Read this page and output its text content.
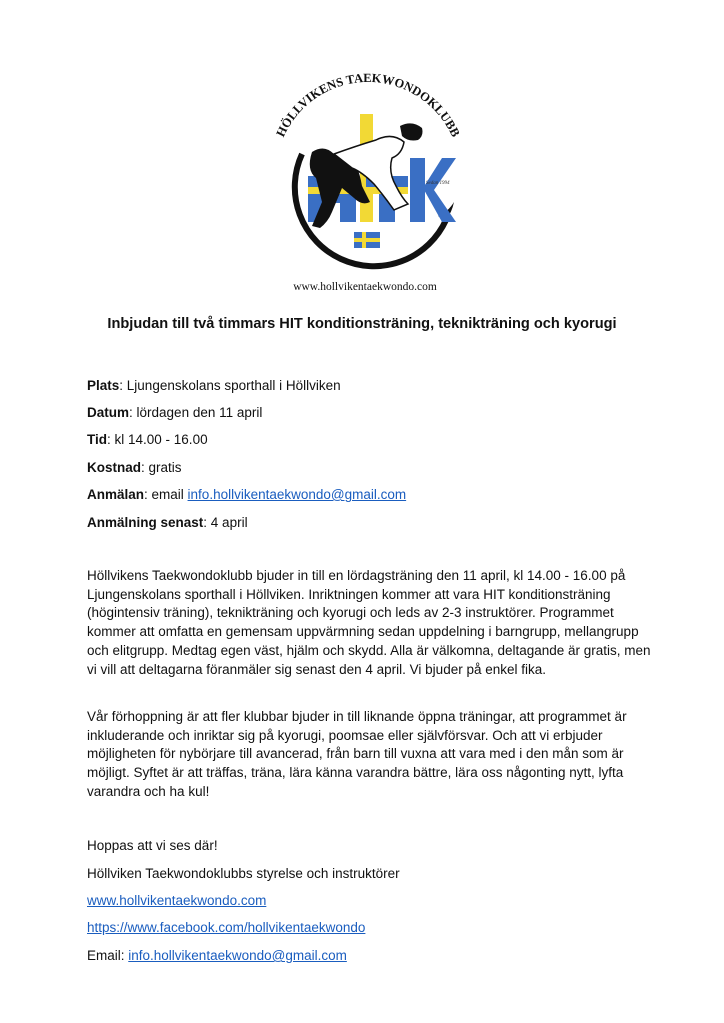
Sedan 1994
HÖLLVIKENS TAEKWONDOKLUBB
www.hollvikentaekwondo.com
Inbjudan till två timmars HIT konditionsträning, teknikträning och kyorugi
Plats: Ljungenskolans sporthall i Höllviken
Datum: lördagen den 11 april
Tid: kl 14.00 - 16.00
Kostnad: gratis
Anmälan: email info.hollvikentaekwondo@gmail.com
Anmälning senast: 4 april
Höllvikens Taekwondoklubb bjuder in till en lördagsträning den 11 april, kl 14.00 - 16.00 på Ljungenskolans sporthall i Höllviken. Inriktningen kommer att vara HIT konditionsträning (högintensiv träning), teknikträning och kyorugi och leds av 2-3 instruktörer. Programmet kommer att omfatta en gemensam uppvärmning sedan uppdelning i barngrupp, mellangrupp och elitgrupp. Medtag egen väst, hjälm och skydd. Alla är välkomna, deltagande är gratis, men vi vill att deltagarna föranmäler sig senast den 4 april. Vi bjuder på enkel fika.
Vår förhoppning är att fler klubbar bjuder in till liknande öppna träningar, att programmet är inkluderande och inriktar sig på kyorugi, poomsae eller självförsvar. Och att vi erbjuder möjligheten för nybörjare till avancerad, från barn till vuxna att vara med i den mån som är möjligt. Syftet är att träffas, träna, lära känna varandra bättre, lära oss någonting nytt, lyfta varandra och ha kul!
Hoppas att vi ses där!
Höllviken Taekwondoklubbs styrelse och instruktörer
www.hollvikentaekwondo.com
https://www.facebook.com/hollvikentaekwondo
Email: info.hollvikentaekwondo@gmail.com
